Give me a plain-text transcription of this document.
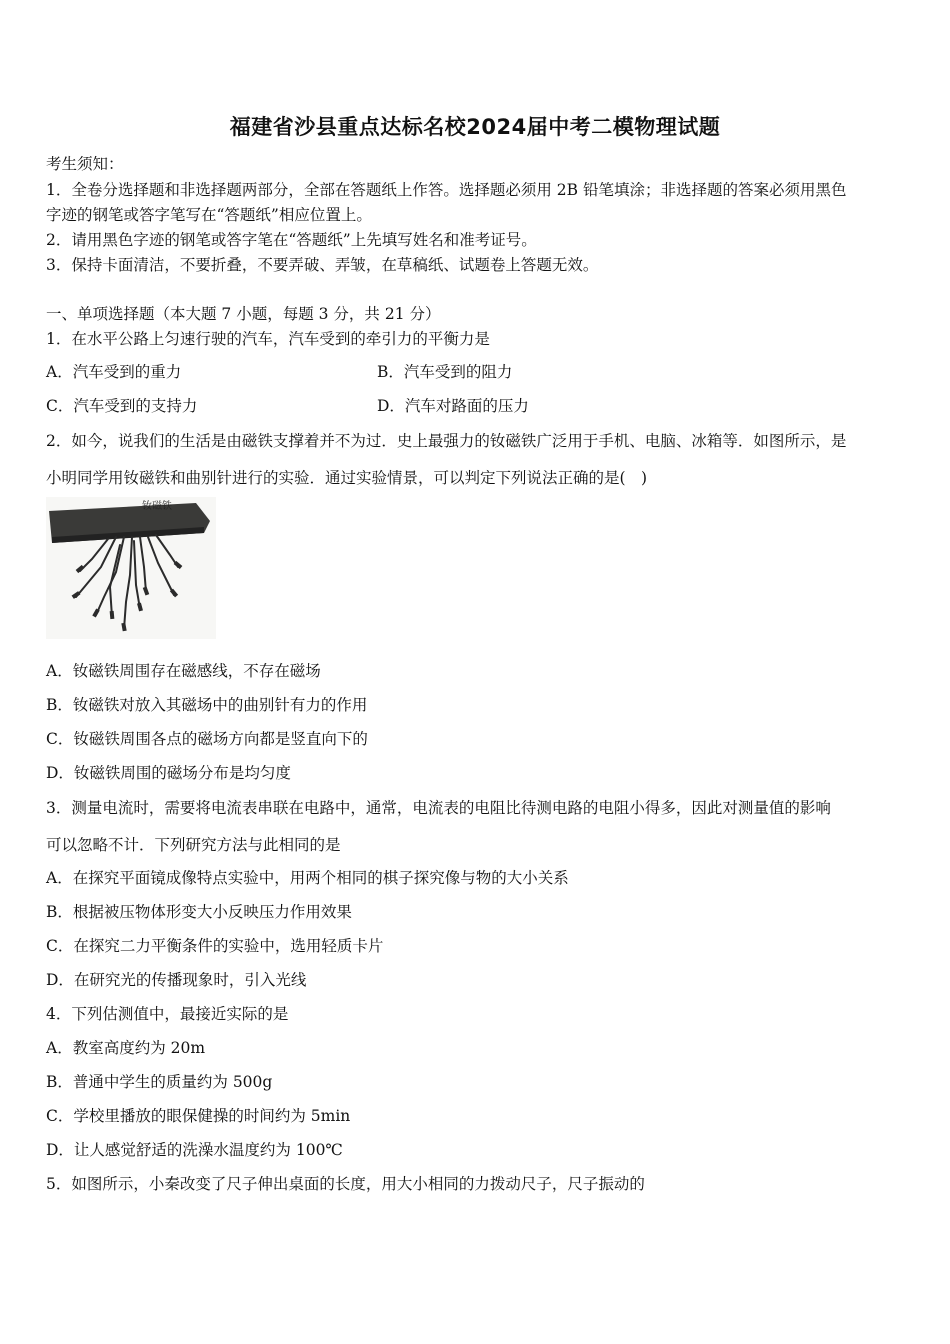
福建省沙县重点达标名校2024届中考二模物理试题
考生须知：
1．全卷分选择题和非选择题两部分，全部在答题纸上作答。选择题必须用 2B 铅笔填涂；非选择题的答案必须用黑色
字迹的钢笔或答字笔写在“答题纸”相应位置上。
2．请用黑色字迹的钢笔或答字笔在“答题纸”上先填写姓名和准考证号。
3．保持卡面清洁，不要折叠，不要弄破、弄皱，在草稿纸、试题卷上答题无效。
一、单项选择题（本大题 7 小题，每题 3 分，共 21 分）
1．在水平公路上匀速行驶的汽车，汽车受到的牵引力的平衡力是
A．汽车受到的重力	B．汽车受到的阻力
C．汽车受到的支持力	D．汽车对路面的压力
2．如今，说我们的生活是由磁铁支撑着并不为过．史上最强力的钕磁铁广泛用于手机、电脑、冰箱等．如图所示，是
小明同学用钕磁铁和曲别针进行的实验．通过实验情景，可以判定下列说法正确的是(　)
钕磁铁
A．钕磁铁周围存在磁感线，不存在磁场
B．钕磁铁对放入其磁场中的曲别针有力的作用
C．钕磁铁周围各点的磁场方向都是竖直向下的
D．钕磁铁周围的磁场分布是均匀度
3．测量电流时，需要将电流表串联在电路中，通常，电流表的电阻比待测电路的电阻小得多，因此对测量值的影响
可以忽略不计．下列研究方法与此相同的是
A．在探究平面镜成像特点实验中，用两个相同的棋子探究像与物的大小关系
B．根据被压物体形变大小反映压力作用效果
C．在探究二力平衡条件的实验中，选用轻质卡片
D．在研究光的传播现象时，引入光线
4．下列估测值中，最接近实际的是
A．教室高度约为 20m
B．普通中学生的质量约为 500g
C．学校里播放的眼保健操的时间约为 5min
D．让人感觉舒适的洗澡水温度约为 100℃
5．如图所示，小秦改变了尺子伸出桌面的长度，用大小相同的力拨动尺子，尺子振动的
